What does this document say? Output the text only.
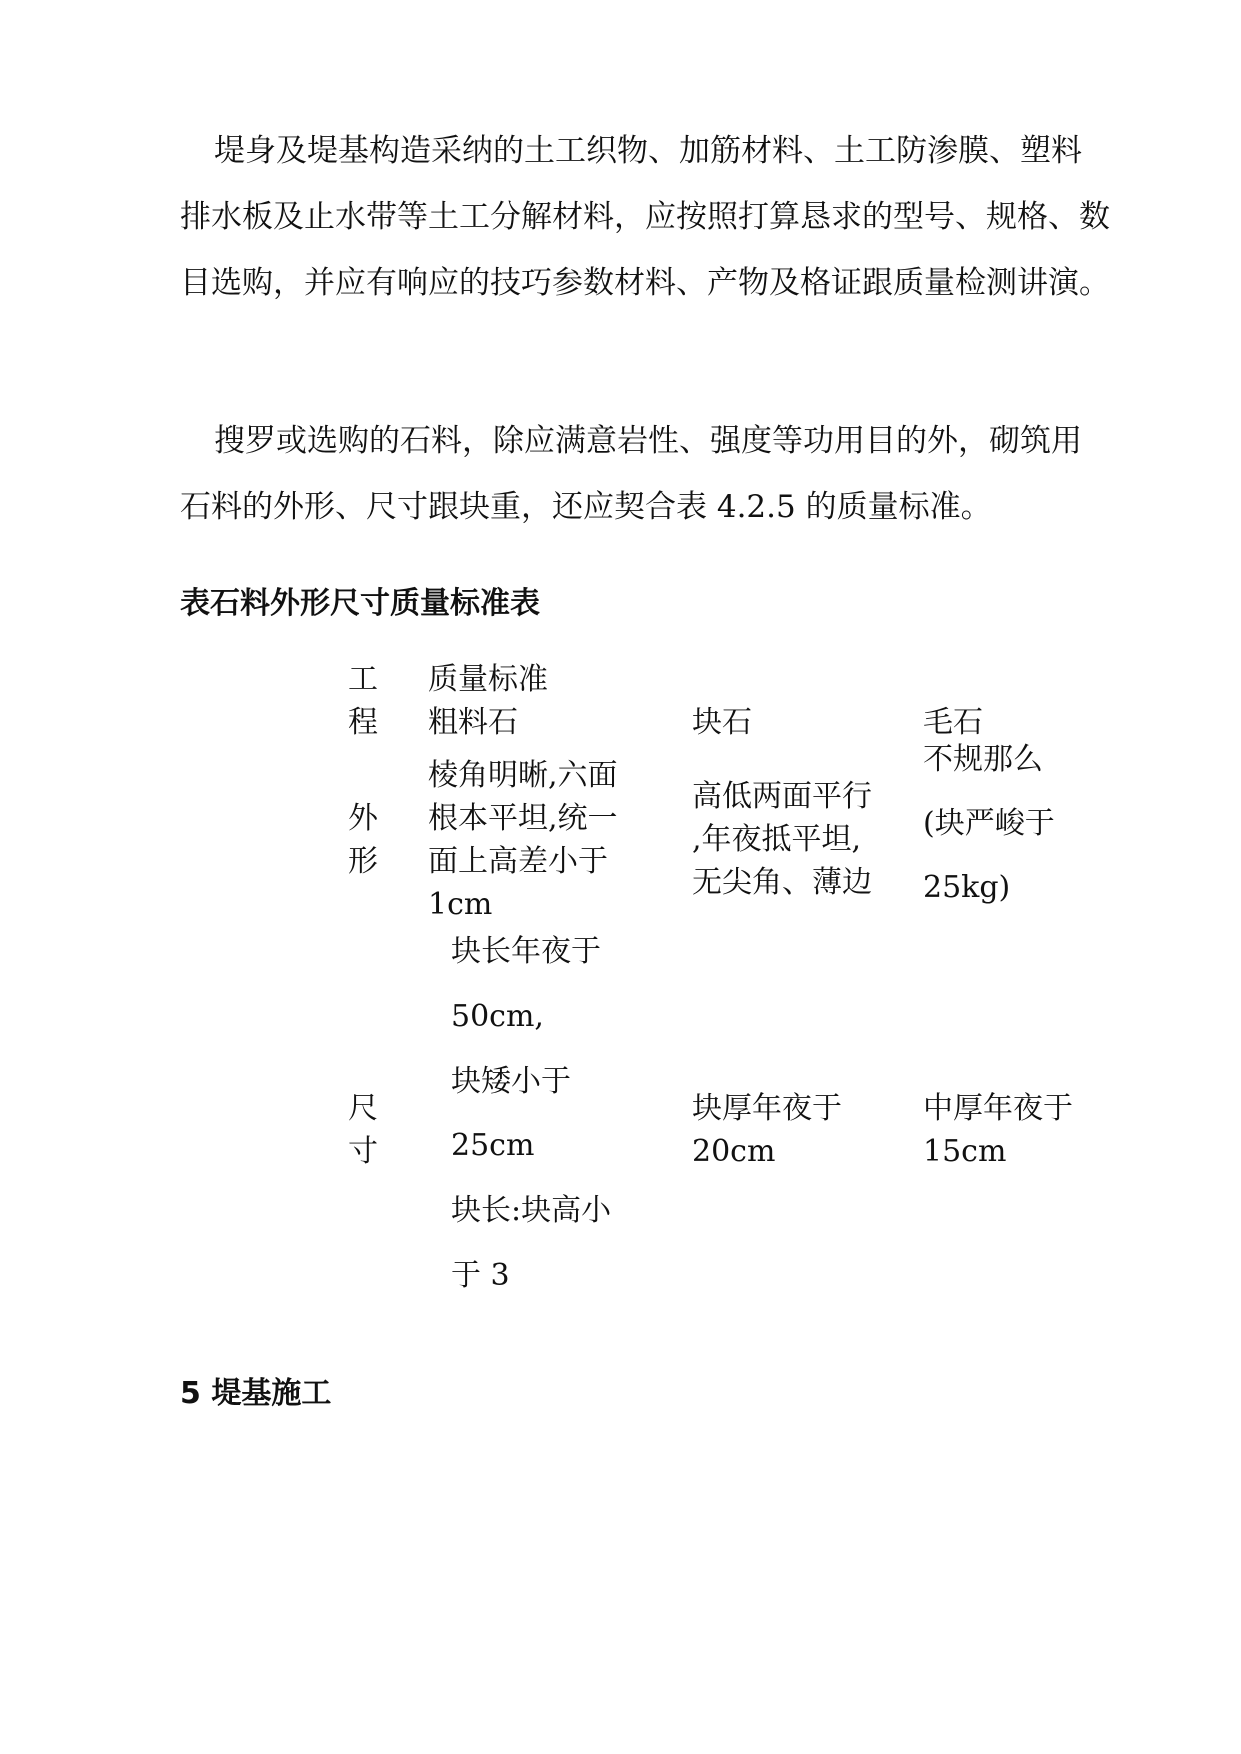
堤身及堤基构造采纳的土工织物、加筋材料、土工防渗膜、塑料排水板及止水带等土工分解材料，应按照打算恳求的型号、规格、数目选购，并应有响应的技巧参数材料、产物及格证跟质量检测讲演。

搜罗或选购的石料，除应满意岩性、强度等功用目的外，砌筑用石料的外形、尺寸跟块重，还应契合表 4.2.5 的质量标准。

表石料外形尺寸质量标准表
工
程
质量标准
粗料石	块石	毛石
外
形
棱角明晰,六面
根本平坦,统一
面上高差小于
1cm
高低两面平行
,年夜抵平坦,
无尖角、薄边
不规那么

(块严峻于

25kg)
尺
寸
块长年夜于

50cm,

块矮小于

25cm

块长:块高小

于 3
块厚年夜于
20cm
中厚年夜于
15cm
5 堤基施工
